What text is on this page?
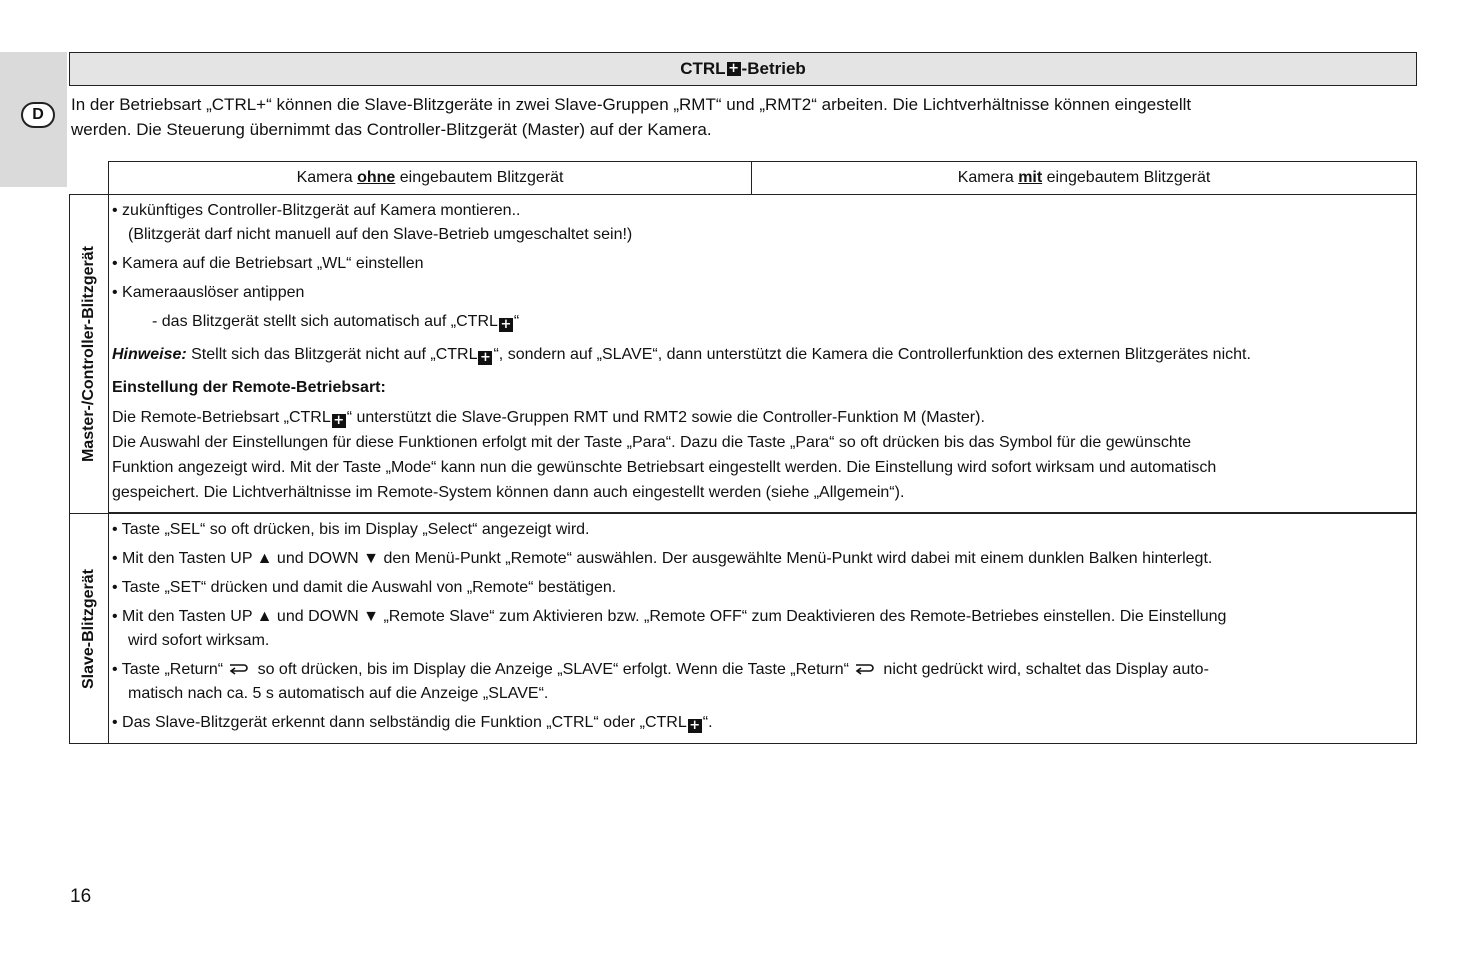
D
CTRL + -Betrieb
In der Betriebsart „CTRL+“ können die Slave-Blitzgeräte in zwei Slave-Gruppen „RMT“ und „RMT2“ arbeiten. Die Lichtverhältnisse können eingestellt
werden. Die Steuerung übernimmt das Controller-Blitzgerät (Master) auf der Kamera.
Kamera
ohne
eingebautem Blitzgerät	Kamera
mit
eingebautem Blitzgerät
Master-/Controller-Blitzgerät
• zukünftiges Controller-Blitzgerät auf Kamera montieren..
(Blitzgerät darf nicht manuell auf den Slave-Betrieb umgeschaltet sein!)
• Kamera auf die Betriebsart „WL“ einstellen
• Kameraauslöser antippen
- das Blitzgerät stellt sich automatisch auf „CTRL + “
Hinweise: Stellt sich das Blitzgerät nicht auf „CTRL + “, sondern auf „SLAVE“, dann unterstützt die Kamera die Controllerfunktion des externen Blitzgerätes nicht.
Einstellung der Remote-Betriebsart:
Die Remote-Betriebsart „CTRL + “ unterstützt die Slave-Gruppen RMT und RMT2 sowie die Controller-Funktion M (Master).
Die Auswahl der Einstellungen für diese Funktionen erfolgt mit der Taste „Para“. Dazu die Taste „Para“ so oft drücken bis das Symbol für die gewünschte
Funktion angezeigt wird. Mit der Taste „Mode“ kann nun die gewünschte Betriebsart eingestellt werden. Die Einstellung wird sofort wirksam und automatisch
gespeichert. Die Lichtverhältnisse im Remote-System können dann auch eingestellt werden (siehe „Allgemein“).
Slave-Blitzgerät
• Taste „SEL“ so oft drücken, bis im Display „Select“ angezeigt wird.
• Mit den Tasten UP ▲ und DOWN ▼ den Menü-Punkt „Remote“ auswählen. Der ausgewählte Menü-Punkt wird dabei mit einem dunklen Balken hinterlegt.
• Taste „SET“ drücken und damit die Auswahl von „Remote“ bestätigen.
• Mit den Tasten UP ▲ und DOWN ▼ „Remote Slave“ zum Aktivieren bzw. „Remote OFF“ zum Deaktivieren des Remote-Betriebes einstellen. Die Einstellung
wird sofort wirksam.
• Taste „Return“ so oft drücken, bis im Display die Anzeige „SLAVE“ erfolgt. Wenn die Taste „Return“ nicht gedrückt wird, schaltet das Display auto-
matisch nach ca. 5 s automatisch auf die Anzeige „SLAVE“.
• Das Slave-Blitzgerät erkennt dann selbständig die Funktion „CTRL“ oder „CTRL + “.
16
